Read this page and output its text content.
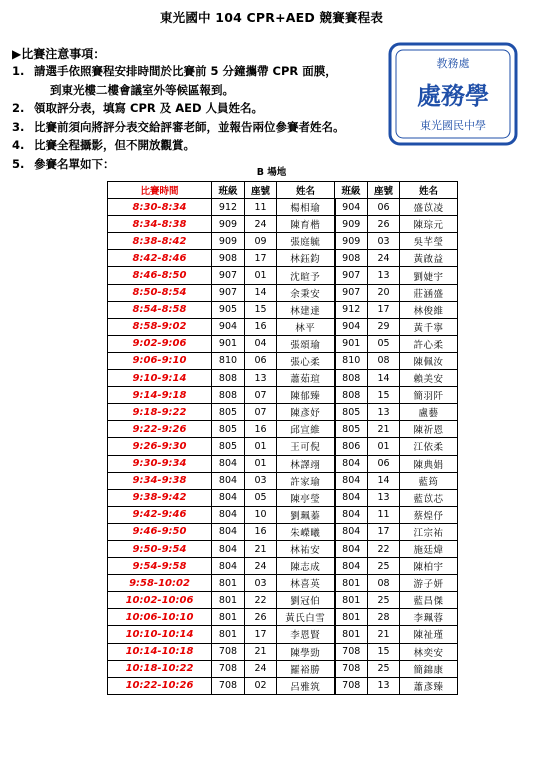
東光國中 104 CPR+AED 競賽賽程表
▶比賽注意事項：
1. 請選手依照賽程安排時間於比賽前 5 分鐘攜帶 CPR 面膜，
到東光樓二樓會議室外等候區報到。
2. 領取評分表，填寫 CPR 及 AED 人員姓名。
3. 比賽前須向將評分表交給評審老師，並報告兩位參賽者姓名。
4. 比賽全程攝影，但不開放觀賞。
5. 參賽名單如下：
教務處
處務學
東光國民中學
B 場地
比賽時間	班級	座號	姓名	班級	座號	姓名
8:30-8:34	912	11	楊相瑜	904	06	盛苡凌
8:34-8:38	909	24	陳育楷	909	26	陳琮元
8:38-8:42	909	09	張庭毓	909	03	吳芊瑩
8:42-8:46	908	17	林鈺鈞	908	24	黃啟益
8:46-8:50	907	01	沈暄予	907	13	劉婕宇
8:50-8:54	907	14	余秉安	907	20	莊涵盛
8:54-8:58	905	15	林建達	912	17	林俊維
8:58-9:02	904	16	林平	904	29	黃千寧
9:02-9:06	901	04	張頌瑜	901	05	許心柔
9:06-9:10	810	06	張心柔	810	08	陳佩汝
9:10-9:14	808	13	蕭茹瑄	808	14	賴美安
9:14-9:18	808	07	陳郁臻	808	15	簡羽阡
9:18-9:22	805	07	陳彥妤	805	13	盧藝
9:22-9:26	805	16	邱宣維	805	21	陳祈恩
9:26-9:30	805	01	王可倪	806	01	江依柔
9:30-9:34	804	01	林譯翊	804	06	陳典娟
9:34-9:38	804	03	許家瑜	804	14	藍筠
9:38-9:42	804	05	陳亭瑩	804	13	藍苡芯
9:42-9:46	804	10	劉珮蓁	804	11	蔡煌伃
9:46-9:50	804	16	朱嶸曦	804	17	江宗祐
9:50-9:54	804	21	林祐安	804	22	施廷煒
9:54-9:58	804	24	陳志成	804	25	陳柏宇
9:58-10:02	801	03	林喜英	801	08	游子妍
10:02-10:06	801	22	劉冠伯	801	25	藍昌傑
10:06-10:10	801	26	黃氏白雪	801	28	李珮蓉
10:10-10:14	801	17	李恩賢	801	21	陳祉瑾
10:14-10:18	708	21	陳學勁	708	15	林奕安
10:18-10:22	708	24	羅裕勝	708	25	簡錦康
10:22-10:26	708	02	呂雅筑	708	13	蕭彥臻
